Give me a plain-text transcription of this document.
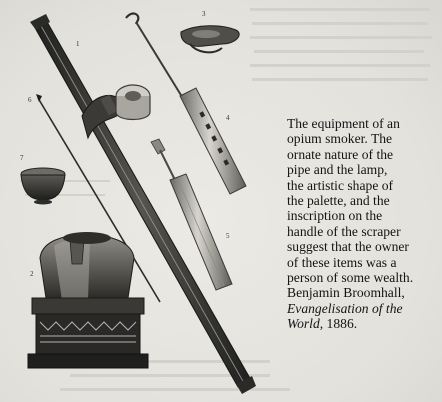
1
3
4
5
6
7
2
The equipment of an
opium smoker. The
ornate nature of the
pipe and the lamp,
the artistic shape of
the palette, and the
inscription on the
handle of the scraper
suggest that the owner
of these items was a
person of some wealth.
Benjamin Broomhall,
Evangelisation of the
World, 1886.
